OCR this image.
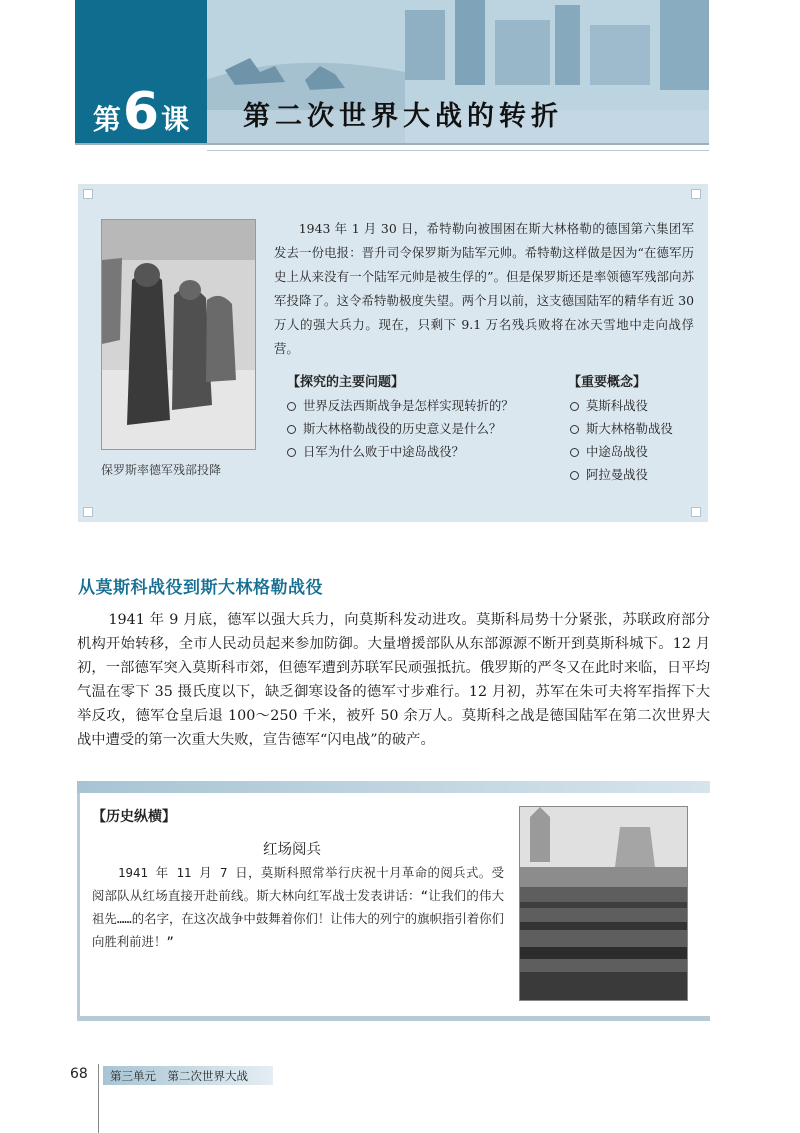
第 6 课 第二次世界大战的转折
保罗斯率德军残部投降

1943 年 1 月 30 日，希特勒向被围困在斯大林格勒的德国第六集团军发去一份电报：晋升司令保罗斯为陆军元帅。希特勒这样做是因为“在德军历史上从来没有一个陆军元帅是被生俘的”。但是保罗斯还是率领德军残部向苏军投降了。这令希特勒极度失望。两个月以前，这支德国陆军的精华有近 30 万人的强大兵力。现在，只剩下 9.1 万名残兵败将在冰天雪地中走向战俘营。

【探究的主要问题】
世界反法西斯战争是怎样实现转折的？
斯大林格勒战役的历史意义是什么？
日军为什么败于中途岛战役？
【重要概念】
莫斯科战役
斯大林格勒战役
中途岛战役
阿拉曼战役
从莫斯科战役到斯大林格勒战役

1941 年 9 月底，德军以强大兵力，向莫斯科发动进攻。莫斯科局势十分紧张，苏联政府部分机构开始转移，全市人民动员起来参加防御。大量增援部队从东部源源不断开到莫斯科城下。12 月初，一部德军突入莫斯科市郊，但德军遭到苏联军民顽强抵抗。俄罗斯的严冬又在此时来临，日平均气温在零下 35 摄氏度以下，缺乏御寒设备的德军寸步难行。12 月初，苏军在朱可夫将军指挥下大举反攻，德军仓皇后退 100～250 千米，被歼 50 余万人。莫斯科之战是德国陆军在第二次世界大战中遭受的第一次重大失败，宣告德军“闪电战”的破产。

【历史纵横】
红场阅兵

1941 年 11 月 7 日，莫斯科照常举行庆祝十月革命的阅兵式。受阅部队从红场直接开赴前线。斯大林向红军战士发表讲话：“让我们的伟大祖先……的名字，在这次战争中鼓舞着你们！让伟大的列宁的旗帜指引着你们向胜利前进！”

68 第三单元　第二次世界大战
